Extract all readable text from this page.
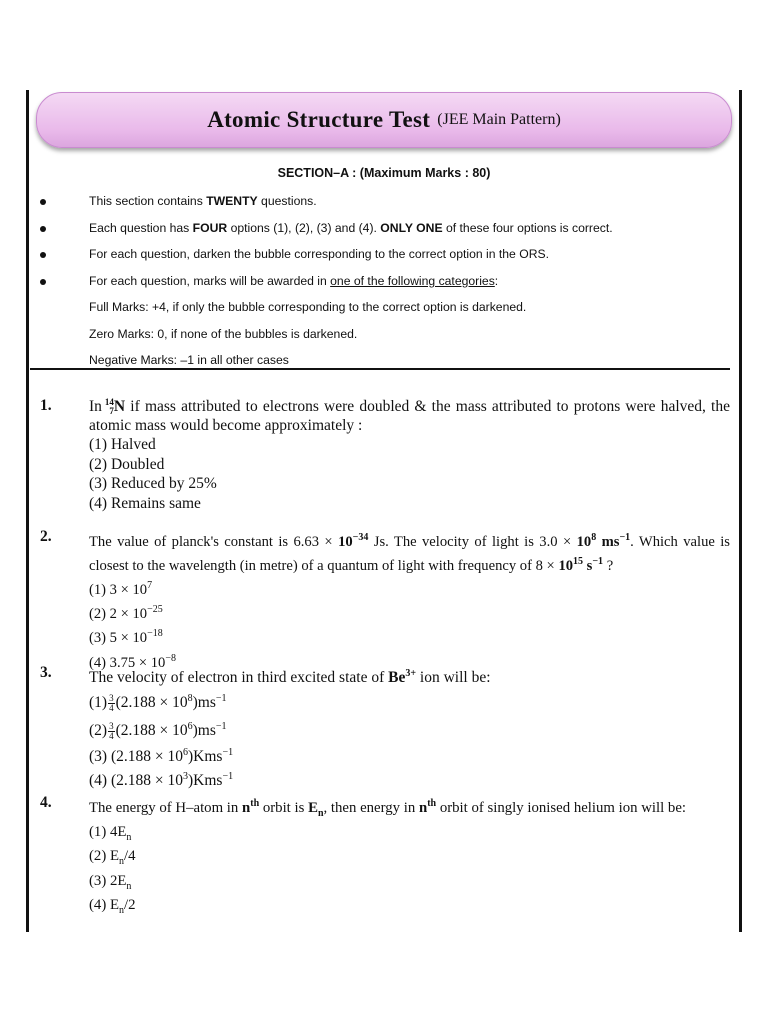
Atomic Structure Test (JEE Main Pattern)
SECTION–A : (Maximum Marks : 80)
This section contains TWENTY questions.
Each question has FOUR options (1), (2), (3) and (4). ONLY ONE of these four options is correct.
For each question, darken the bubble corresponding to the correct option in the ORS.
For each question, marks will be awarded in one of the following categories:
Full Marks: +4, if only the bubble corresponding to the correct option is darkened.
Zero Marks: 0, if none of the bubbles is darkened.
Negative Marks: –1 in all other cases
1. In 14
7 N if mass attributed to electrons were doubled & the mass attributed to protons were halved, the atomic mass would become approximately :
(1) Halved
(2) Doubled
(3) Reduced by 25%
(4) Remains same
2.	The value of planck's constant is $6.63 \times 10^{-34}$ Js. The velocity of light is $3.0 \times 10^8$ $ms^{-1}$. Which value is closest to the wavelength (in metre) of a quantum of light with frequency of $8 \times 10^{15}$ $s^{-1}$ ?
(1) $3 \times 10^7$
(2) $2 \times 10^{-25}$
(3) $5 \times 10^{-18}$
(4) $3.75 \times 10^{-8}$
3. The velocity of electron in third excited state of $Be^{3+}$ ion will be:
$(1) \frac{3}{4} (2.188 \times 10^8)ms^{-1}$
$(2) \frac{3}{4} (2.188 \times 10^6)ms^{-1}$
(3) $(2.188 \times 10^6)Kms^{-1}$
(4) $(2.188 \times 10^3)Kms^{-1}$
4.	The energy of H–atom in $n^{th}$ orbit is $E_n$, then energy in $n^{th}$ orbit of singly ionised helium ion will be:
(1) $4E_n$
(2) $E_n/4$
(3) $2E_n$
(4) $E_n/2$
